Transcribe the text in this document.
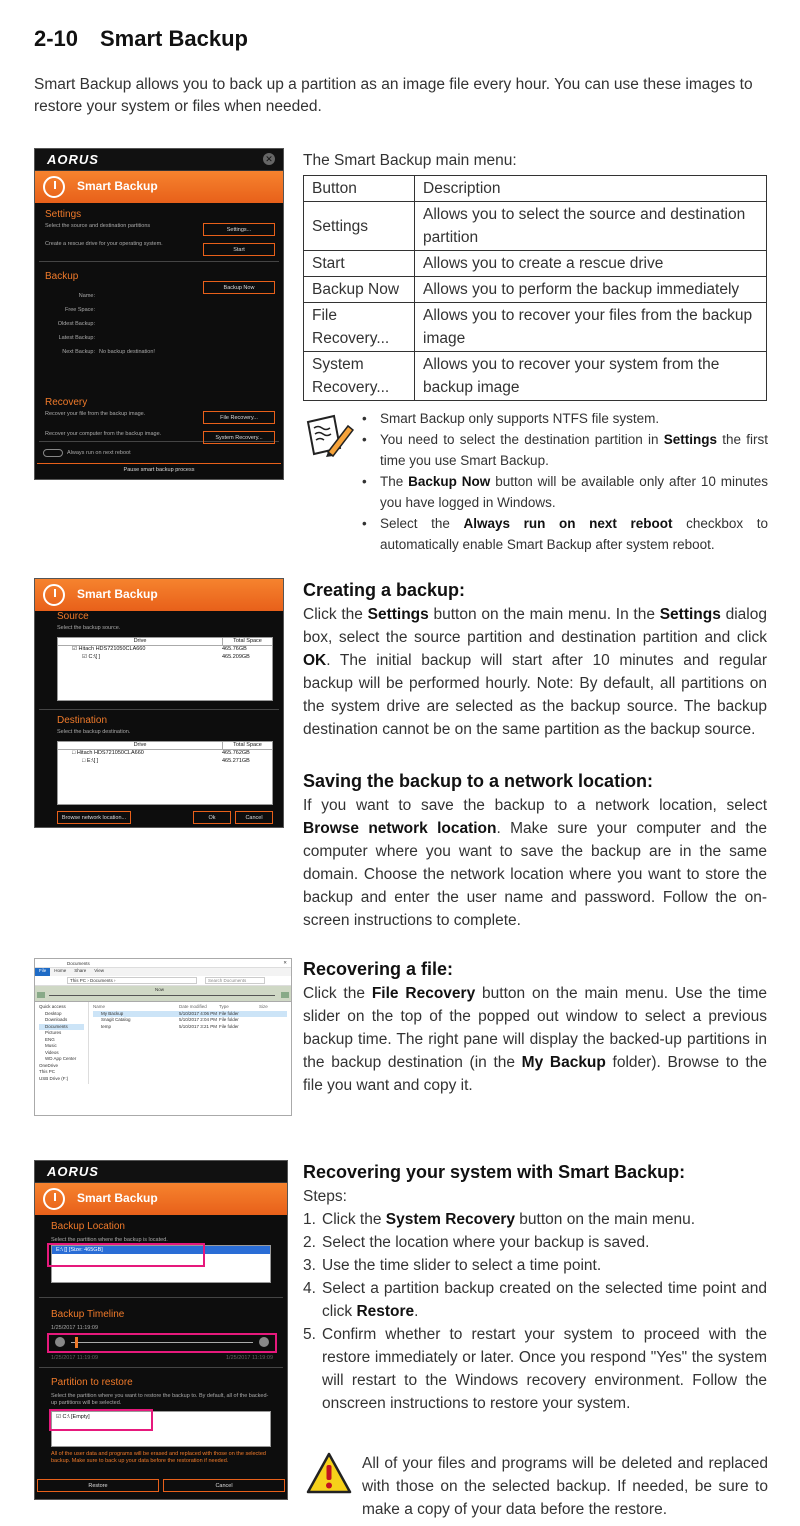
2-10 Smart Backup
Smart Backup allows you to back up a partition as an image file every hour. You can use these images to restore your system or files when needed.
AORUS	✕
Smart Backup
Settings
Select the source and destination partitions
Create a rescue drive for your operating system.
Settings...
Start
Backup
Backup Now
Name:
Free Space:
Oldest Backup:
Latest Backup:
Next Backup: No backup destination!
Recovery
Recover your file from the backup image.
Recover your computer from the backup image.
File Recovery...
System Recovery...
Always run on next reboot
Pause smart backup process
The Smart Backup main menu:
Button	Description
Settings	Allows you to select the source and destination partition
Start	Allows you to create a rescue drive
Backup Now	Allows you to perform the backup immediately
File Recovery...	Allows you to recover your files from the backup image
System Recovery...	Allows you to recover your system from the backup image
• Smart Backup only supports NTFS file system.
• You need to select the destination partition in Settings the first time you use Smart Backup.
• The Backup Now button will be available only after 10 minutes you have logged in Windows.
• Select the Always run on next reboot checkbox to automatically enable Smart Backup after system reboot.
Smart Backup
Source
Select the backup source.
Drive	Total Space
☑ Hitach HDS721050CLA660	465.76GB
☑ C:\[ ]	465.209GB
Destination
Select the backup destination.
Drive	Total Space
□ Hitach HDS721050CLA660	465.762GB
□ E:\[ ]	465.271GB
Browse network location...	Ok	Cancel
Creating a backup:

Click the Settings button on the main menu. In the Settings dialog box, select the source partition and destination partition and click OK. The initial backup will start after 10 minutes and regular backup will be performed hourly. Note: By default, all partitions on the system drive are selected as the backup source. The backup destination cannot be on the same partition as the backup source.

Saving the backup to a network location:

If you want to save the backup to a network location, select Browse network location. Make sure your computer and the computer where you want to save the backup are in the same domain. Choose the network location where you want to store the backup and enter the user name and password. Follow the on-screen instructions to complete.

Documents	✕
File	Home	Share	View
This PC › Documents ›	Search Documents
Now
Quick access
Desktop
Downloads
Documents
Pictures
ENG
Music
Videos
WD App Center
OneDrive
This PC
USB Drive (F:)
Name	Date modified	Type	Size
My Backup	5/10/2017 4:06 PM File folder
Snagit Catalog	5/10/2017 2:04 PM File folder
temp	5/10/2017 3:21 PM File folder
Recovering a file:

Click the File Recovery button on the main menu. Use the time slider on the top of the popped out window to select a previous backup time. The right pane will display the backed-up partitions in the backup destination (in the My Backup folder). Browse to the file you want and copy it.

AORUS
Smart Backup
Backup Location
Select the partition where the backup is located.
E:\ [] [Size: 465GB]
Backup Timeline
1/25/2017 11:19:09
1/25/2017 11:19:09	1/25/2017 11:19:09
Partition to restore
Select the partition where you want to restore the backup to. By default, all of the backed-up partitions will be selected.
☑ C:\ [Empty]
All of the user data and programs will be erased and replaced with those on the selected backup. Make sure to back up your data before the restoration if needed.
Restore	Cancel
Recovering your system with Smart Backup:

Steps:

1. Click the System Recovery button on the main menu.
2. Select the location where your backup is saved.
3. Use the time slider to select a time point.
4. Select a partition backup created on the selected time point and click Restore.
5. Confirm whether to restart your system to proceed with the restore immediately or later. Once you respond "Yes" the system will restart to the Windows recovery environment. Follow the onscreen instructions to restore your system.
All of your files and programs will be deleted and replaced with those on the selected backup. If needed, be sure to make a copy of your data before the restore.
